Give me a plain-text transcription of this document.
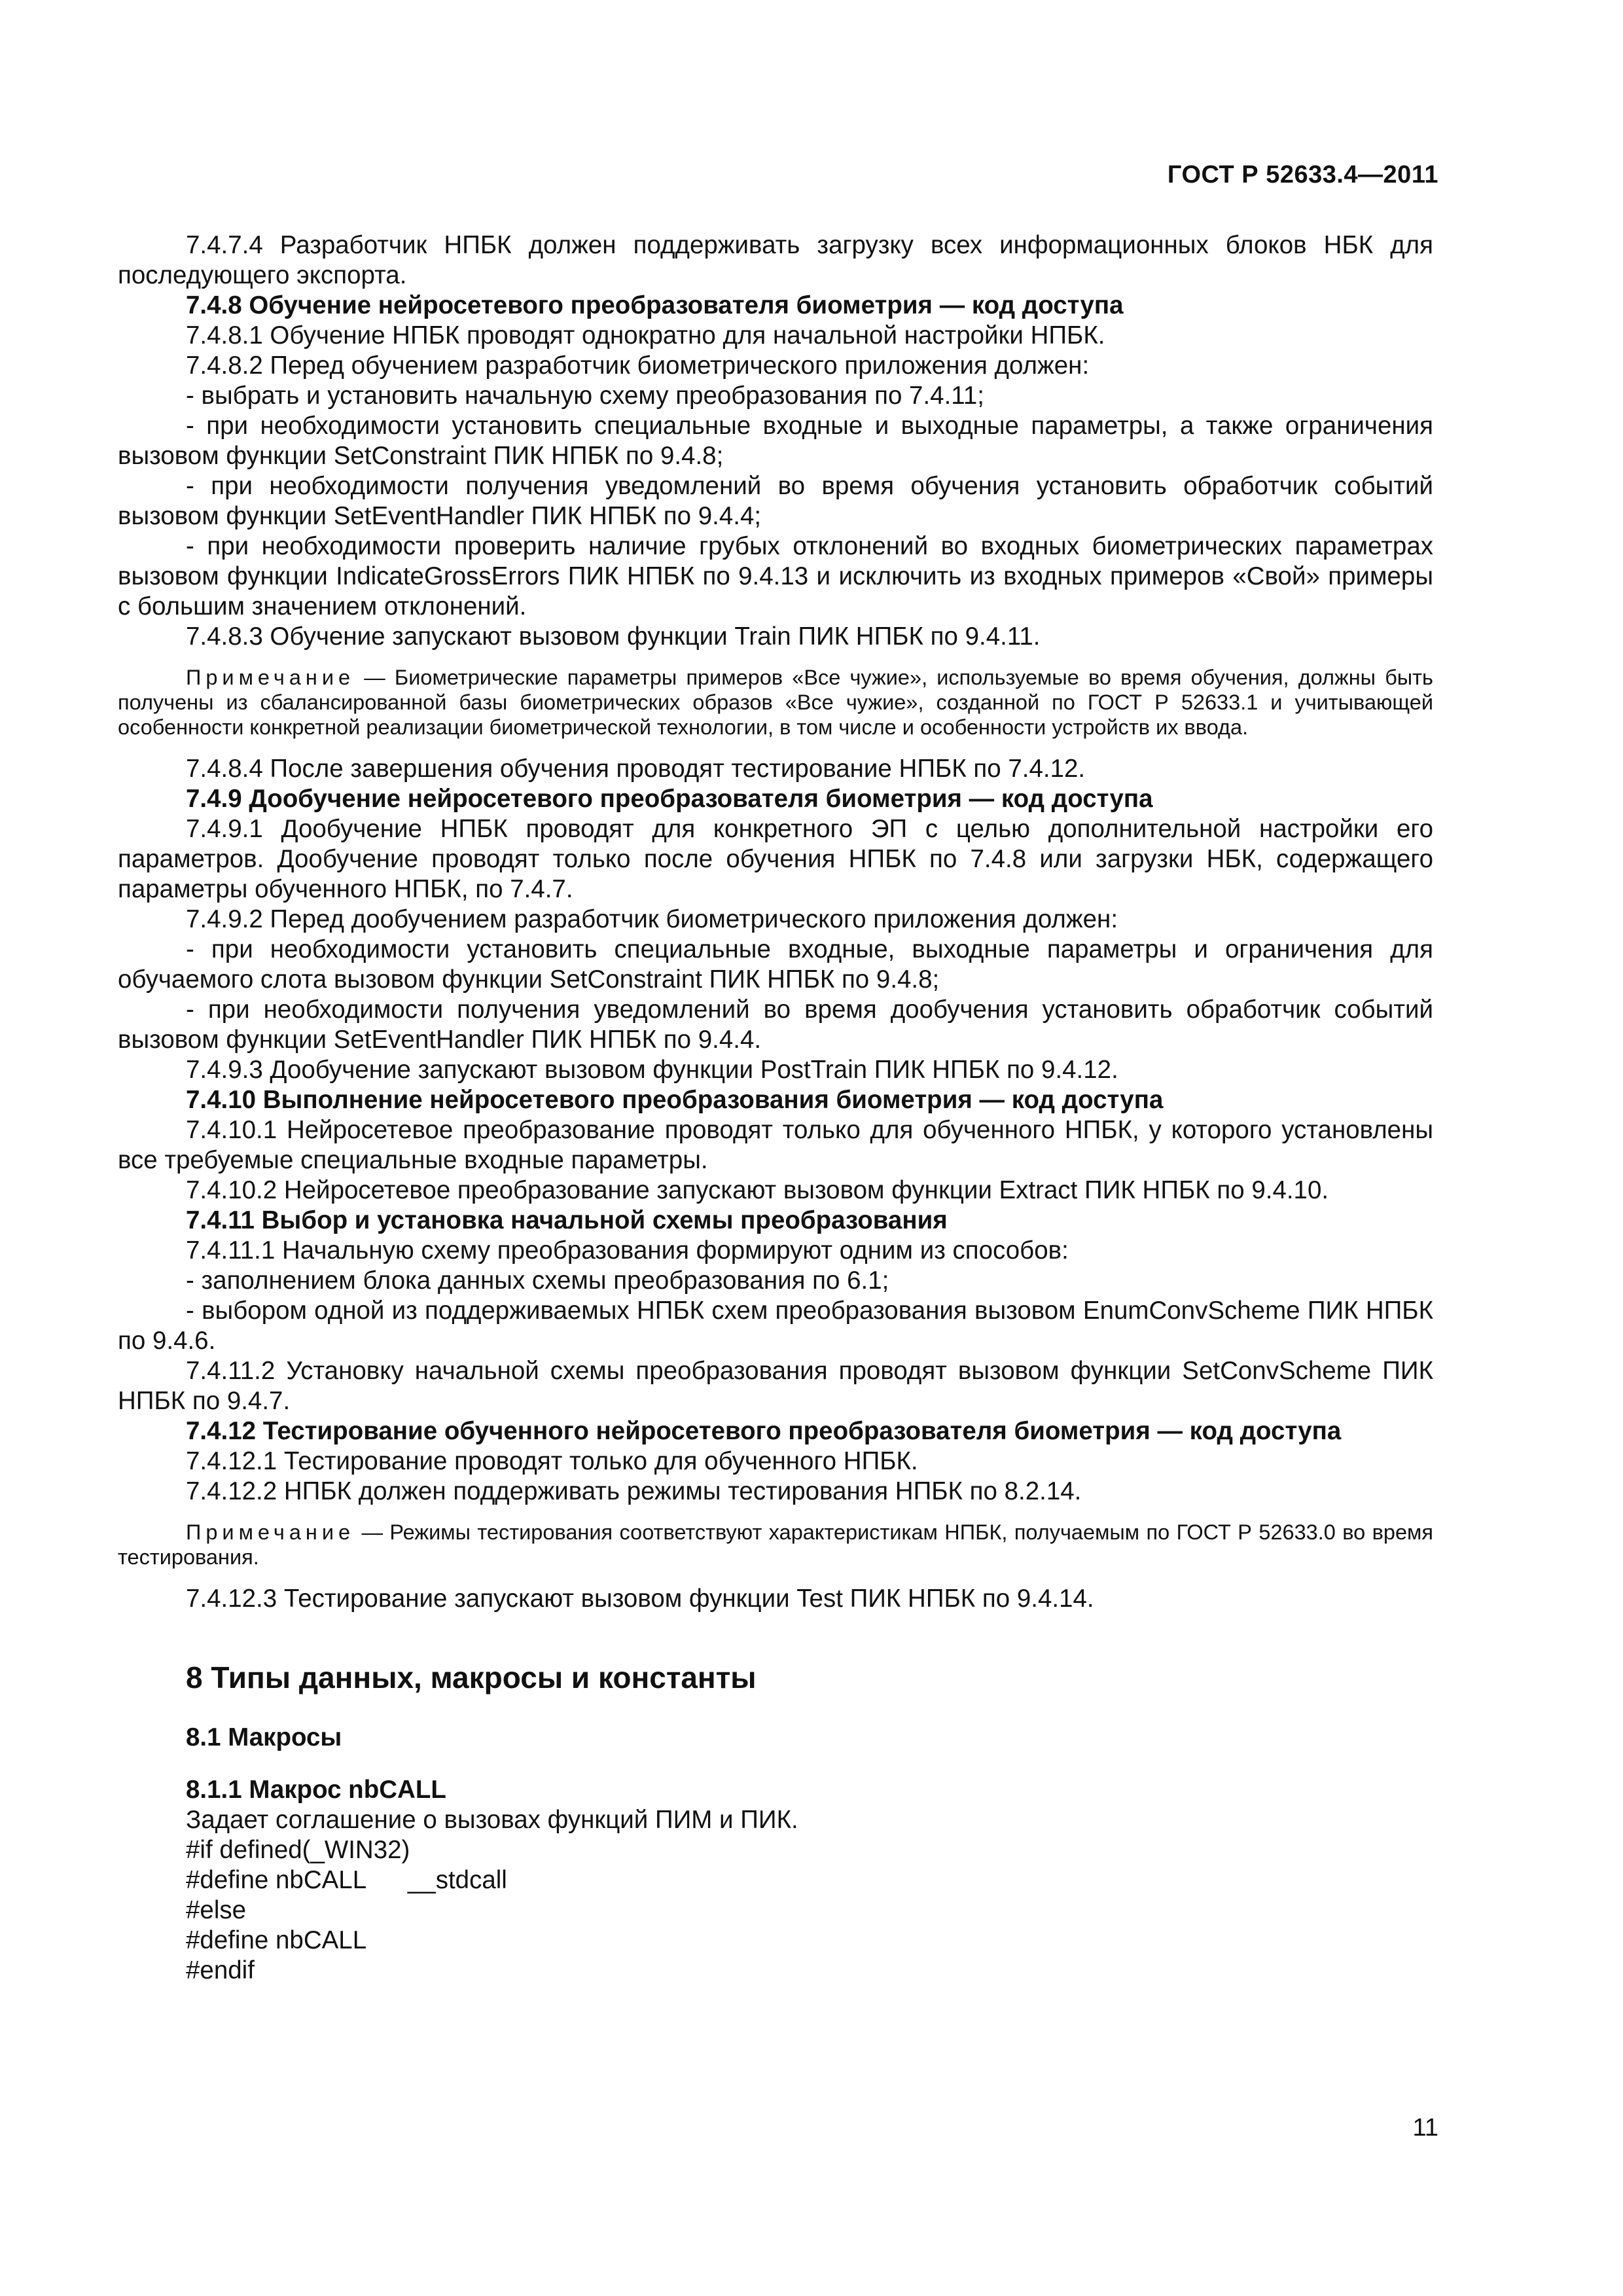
ГОСТ Р 52633.4—2011

7.4.7.4 Разработчик НПБК должен поддерживать загрузку всех информационных блоков НБК для последующего экспорта.

7.4.8 Обучение нейросетевого преобразователя биометрия — код доступа

7.4.8.1 Обучение НПБК проводят однократно для начальной настройки НПБК.

7.4.8.2 Перед обучением разработчик биометрического приложения должен:

- выбрать и установить начальную схему преобразования по 7.4.11;

- при необходимости установить специальные входные и выходные параметры, а также ограничения вызовом функции SetConstraint ПИК НПБК по 9.4.8;

- при необходимости получения уведомлений во время обучения установить обработчик событий вызовом функции SetEventHandler ПИК НПБК по 9.4.4;

- при необходимости проверить наличие грубых отклонений во входных биометрических параметрах вызовом функции IndicateGrossErrors ПИК НПБК по 9.4.13 и исключить из входных примеров «Свой» примеры с большим значением отклонений.

7.4.8.3 Обучение запускают вызовом функции Train ПИК НПБК по 9.4.11.

Примечание — Биометрические параметры примеров «Все чужие», используемые во время обучения, должны быть получены из сбалансированной базы биометрических образов «Все чужие», созданной по ГОСТ Р 52633.1 и учитывающей особенности конкретной реализации биометрической технологии, в том числе и особенности устройств их ввода.

7.4.8.4 После завершения обучения проводят тестирование НПБК по 7.4.12.

7.4.9 Дообучение нейросетевого преобразователя биометрия — код доступа

7.4.9.1 Дообучение НПБК проводят для конкретного ЭП с целью дополнительной настройки его параметров. Дообучение проводят только после обучения НПБК по 7.4.8 или загрузки НБК, содержащего параметры обученного НПБК, по 7.4.7.

7.4.9.2 Перед дообучением разработчик биометрического приложения должен:

- при необходимости установить специальные входные, выходные параметры и ограничения для обучаемого слота вызовом функции SetConstraint ПИК НПБК по 9.4.8;

- при необходимости получения уведомлений во время дообучения установить обработчик событий вызовом функции SetEventHandler ПИК НПБК по 9.4.4.

7.4.9.3 Дообучение запускают вызовом функции PostTrain ПИК НПБК по 9.4.12.

7.4.10 Выполнение нейросетевого преобразования биометрия — код доступа

7.4.10.1 Нейросетевое преобразование проводят только для обученного НПБК, у которого установлены все требуемые специальные входные параметры.

7.4.10.2 Нейросетевое преобразование запускают вызовом функции Extract ПИК НПБК по 9.4.10.

7.4.11 Выбор и установка начальной схемы преобразования

7.4.11.1 Начальную схему преобразования формируют одним из способов:

- заполнением блока данных схемы преобразования по 6.1;

- выбором одной из поддерживаемых НПБК схем преобразования вызовом EnumConvScheme ПИК НПБК по 9.4.6.

7.4.11.2 Установку начальной схемы преобразования проводят вызовом функции SetConvScheme ПИК НПБК по 9.4.7.

7.4.12 Тестирование обученного нейросетевого преобразователя биометрия — код доступа

7.4.12.1 Тестирование проводят только для обученного НПБК.

7.4.12.2 НПБК должен поддерживать режимы тестирования НПБК по 8.2.14.

Примечание — Режимы тестирования соответствуют характеристикам НПБК, получаемым по ГОСТ Р 52633.0 во время тестирования.

7.4.12.3 Тестирование запускают вызовом функции Test ПИК НПБК по 9.4.14.

8 Типы данных, макросы и константы

8.1 Макросы

8.1.1 Макрос nbCALL

Задает соглашение о вызовах функций ПИМ и ПИК.

#if defined(_WIN32)

#define nbCALL      __stdcall

#else

#define nbCALL

#endif

11
